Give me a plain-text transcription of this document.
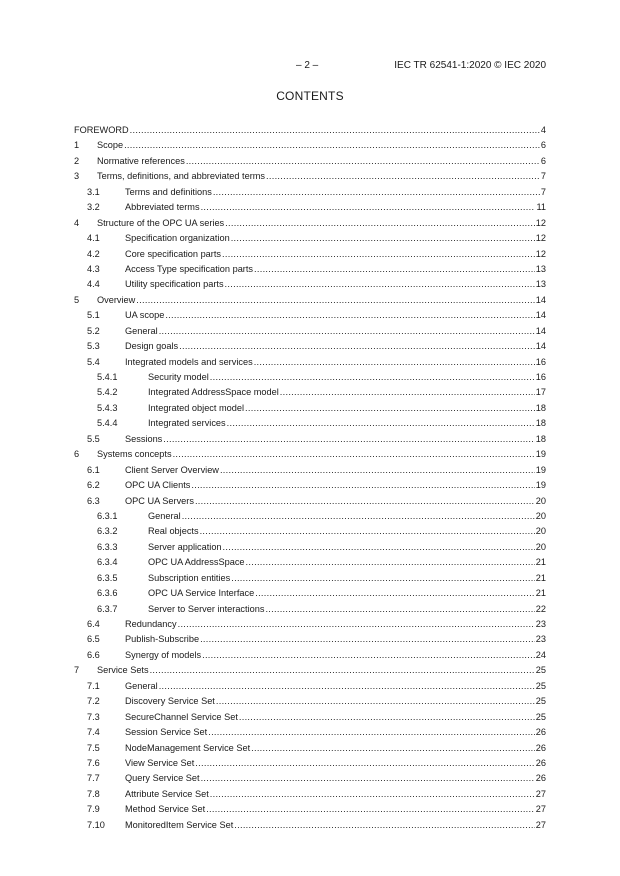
– 2 –	IEC TR 62541-1:2020 © IEC 2020
CONTENTS
FOREWORD .....	4
1	Scope .....	6
2	Normative references .....	6
3	Terms, definitions, and abbreviated terms .....	7
3.1	Terms and definitions .....	7
3.2	Abbreviated terms .....	11
4	Structure of the OPC UA series .....	12
4.1	Specification organization .....	12
4.2	Core specification parts .....	12
4.3	Access Type specification parts .....	13
4.4	Utility specification parts .....	13
5	Overview .....	14
5.1	UA scope .....	14
5.2	General .....	14
5.3	Design goals .....	14
5.4	Integrated models and services .....	16
5.4.1	Security model .....	16
5.4.2	Integrated AddressSpace model .....	17
5.4.3	Integrated object model .....	18
5.4.4	Integrated services .....	18
5.5	Sessions .....	18
6	Systems concepts .....	19
6.1	Client Server Overview .....	19
6.2	OPC UA Clients .....	19
6.3	OPC UA Servers .....	20
6.3.1	General .....	20
6.3.2	Real objects .....	20
6.3.3	Server application .....	20
6.3.4	OPC UA AddressSpace .....	21
6.3.5	Subscription entities .....	21
6.3.6	OPC UA Service Interface .....	21
6.3.7	Server to Server interactions .....	22
6.4	Redundancy .....	23
6.5	Publish-Subscribe .....	23
6.6	Synergy of models .....	24
7	Service Sets .....	25
7.1	General .....	25
7.2	Discovery Service Set .....	25
7.3	SecureChannel Service Set .....	25
7.4	Session Service Set .....	26
7.5	NodeManagement Service Set .....	26
7.6	View Service Set .....	26
7.7	Query Service Set .....	26
7.8	Attribute Service Set .....	27
7.9	Method Service Set .....	27
7.10	MonitoredItem Service Set .....	27
